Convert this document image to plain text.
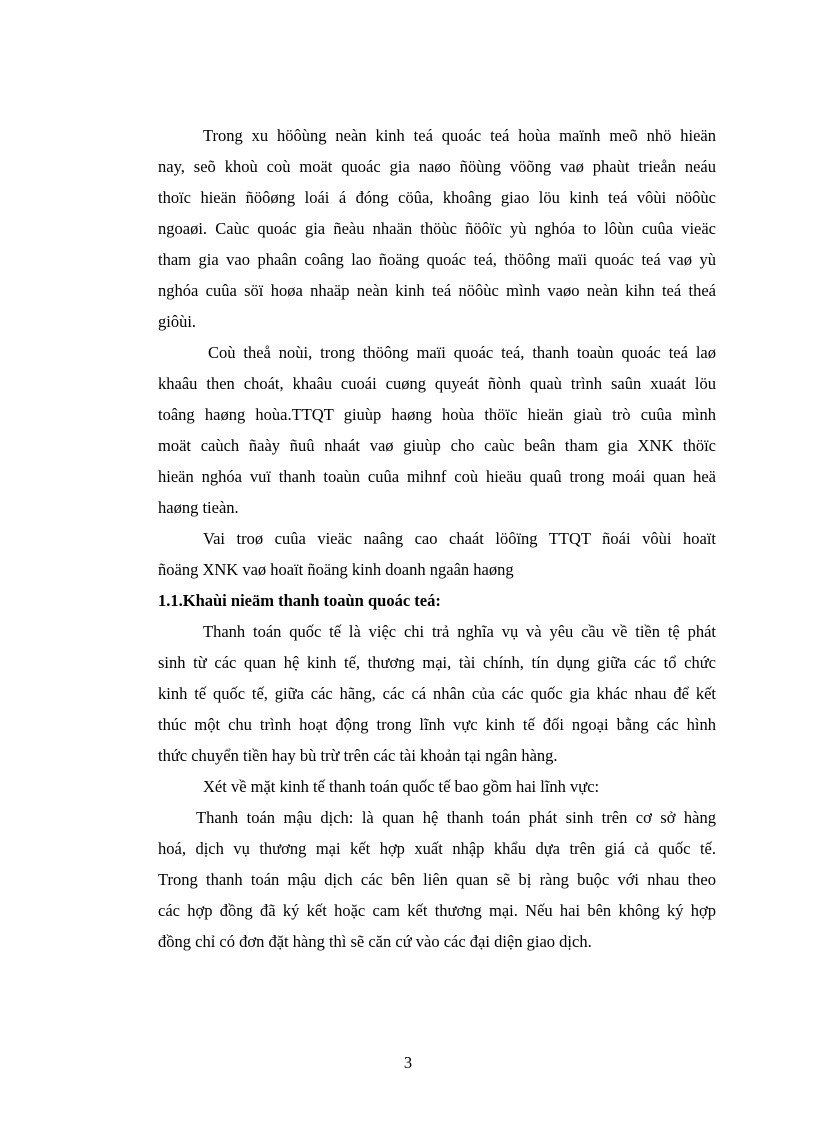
Trong xu höôùng neàn kinh teá quoác teá hoùa maïnh meõ nhö hieän
nay, seõ khoù coù moät quoác gia naøo ñöùng vöõng vaø phaùt trieån neáu
thoïc hieän ñöôøng loái á đóng cöûa, khoâng giao löu kinh teá vôùi nöôùc
ngoaøi. Caùc quoác gia ñeàu nhaän thöùc ñöôïc yù nghóa to lôùn cuûa vieäc
tham gia vao phaân coâng lao ñoäng quoác teá, thöông maïi quoác teá vaø yù
nghóa cuûa söï hoøa nhaäp neàn kinh teá nöôùc mình vaøo neàn kihn teá theá
giôùi.
Coù theå noùi, trong thöông maïi quoác teá, thanh toaùn quoác teá laø
khaâu then choát, khaâu cuoái cuøng quyeát ñònh quaù trình saûn xuaát löu
toâng haøng hoùa.TTQT giuùp haøng hoùa thöïc hieän giaù trò cuûa mình
moät caùch ñaày ñuû nhaát vaø giuùp cho caùc beân tham gia XNK thöïc
hieän nghóa vuï thanh toaùn cuûa mihnf coù hieäu quaû trong moái quan heä
haøng tieàn.
Vai troø cuûa vieäc naâng cao chaát löôïng TTQT ñoái vôùi hoaït
ñoäng XNK vaø hoaït ñoäng kinh doanh ngaân haøng
1.1.Khaùi nieäm thanh toaùn quoác teá:
Thanh toán quốc tế là việc chi trả nghĩa vụ và yêu cầu về tiền tệ phát
sinh từ các quan hệ kinh tế, thương mại, tài chính, tín dụng giữa các tổ chức
kinh tế quốc tế, giữa các hãng, các cá nhân của các quốc gia khác nhau để kết
thúc một chu trình hoạt động trong lĩnh vực kinh tế đối ngoại bằng các hình
thức chuyển tiền hay bù trừ trên các tài khoản tại ngân hàng.
Xét về mặt kinh tế thanh toán quốc tế bao gồm hai lĩnh vực:
Thanh toán mậu dịch: là quan hệ thanh toán phát sinh trên cơ sở hàng
hoá, dịch vụ thương mại kết hợp xuất nhập khẩu dựa trên giá cả quốc tế.
Trong thanh toán mậu dịch các bên liên quan sẽ bị ràng buộc với nhau theo
các hợp đồng đã ký kết hoặc cam kết thương mại. Nếu hai bên không ký hợp
đồng chỉ có đơn đặt hàng thì sẽ căn cứ vào các đại diện giao dịch.
3
